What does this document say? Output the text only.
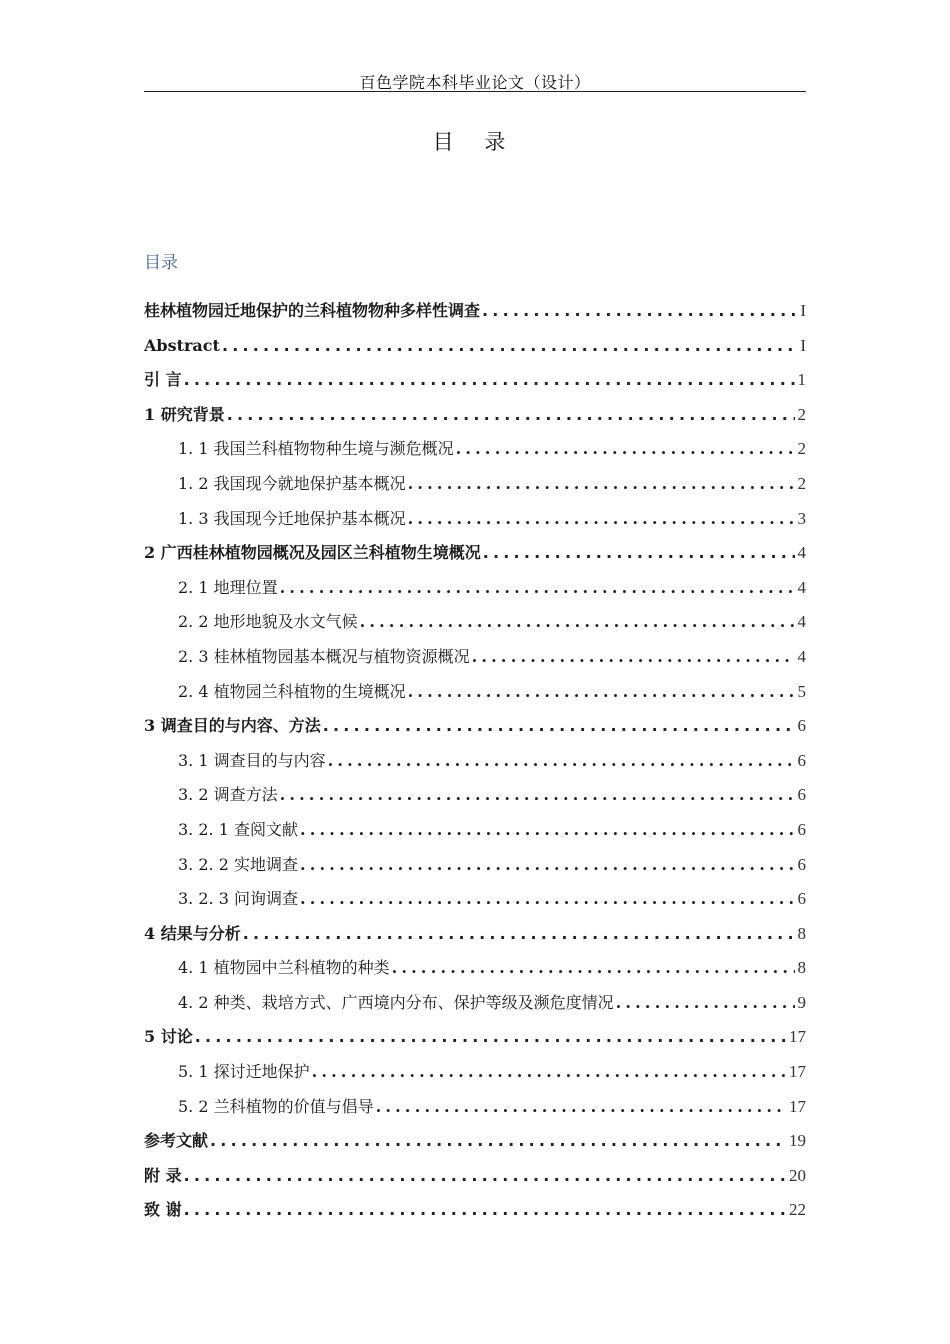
百色学院本科毕业论文（设计）
目 录
目录
桂林植物园迁地保护的兰科植物物种多样性调查 .....	I
Abstract .....	I
引 言 .....	1
1 研究背景 .....	2
1. 1 我国兰科植物物种生境与濒危概况 .....	2
1. 2 我国现今就地保护基本概况 .....	2
1. 3 我国现今迁地保护基本概况 .....	3
2 广西桂林植物园概况及园区兰科植物生境概况 .....	4
2. 1 地理位置 .....	4
2. 2 地形地貌及水文气候 .....	4
2. 3 桂林植物园基本概况与植物资源概况 .....	4
2. 4 植物园兰科植物的生境概况 .....	5
3 调查目的与内容、方法 .....	6
3. 1 调查目的与内容 .....	6
3. 2 调查方法 .....	6
3. 2. 1 查阅文献 .....	6
3. 2. 2 实地调查 .....	6
3. 2. 3 问询调查 .....	6
4 结果与分析 .....	8
4. 1 植物园中兰科植物的种类 .....	8
4. 2 种类、栽培方式、广西境内分布、保护等级及濒危度情况 .....	9
5 讨论 .....	17
5. 1 探讨迁地保护 .....	17
5. 2 兰科植物的价值与倡导 .....	17
参考文献 .....	19
附 录 .....	20
致 谢 .....	22
